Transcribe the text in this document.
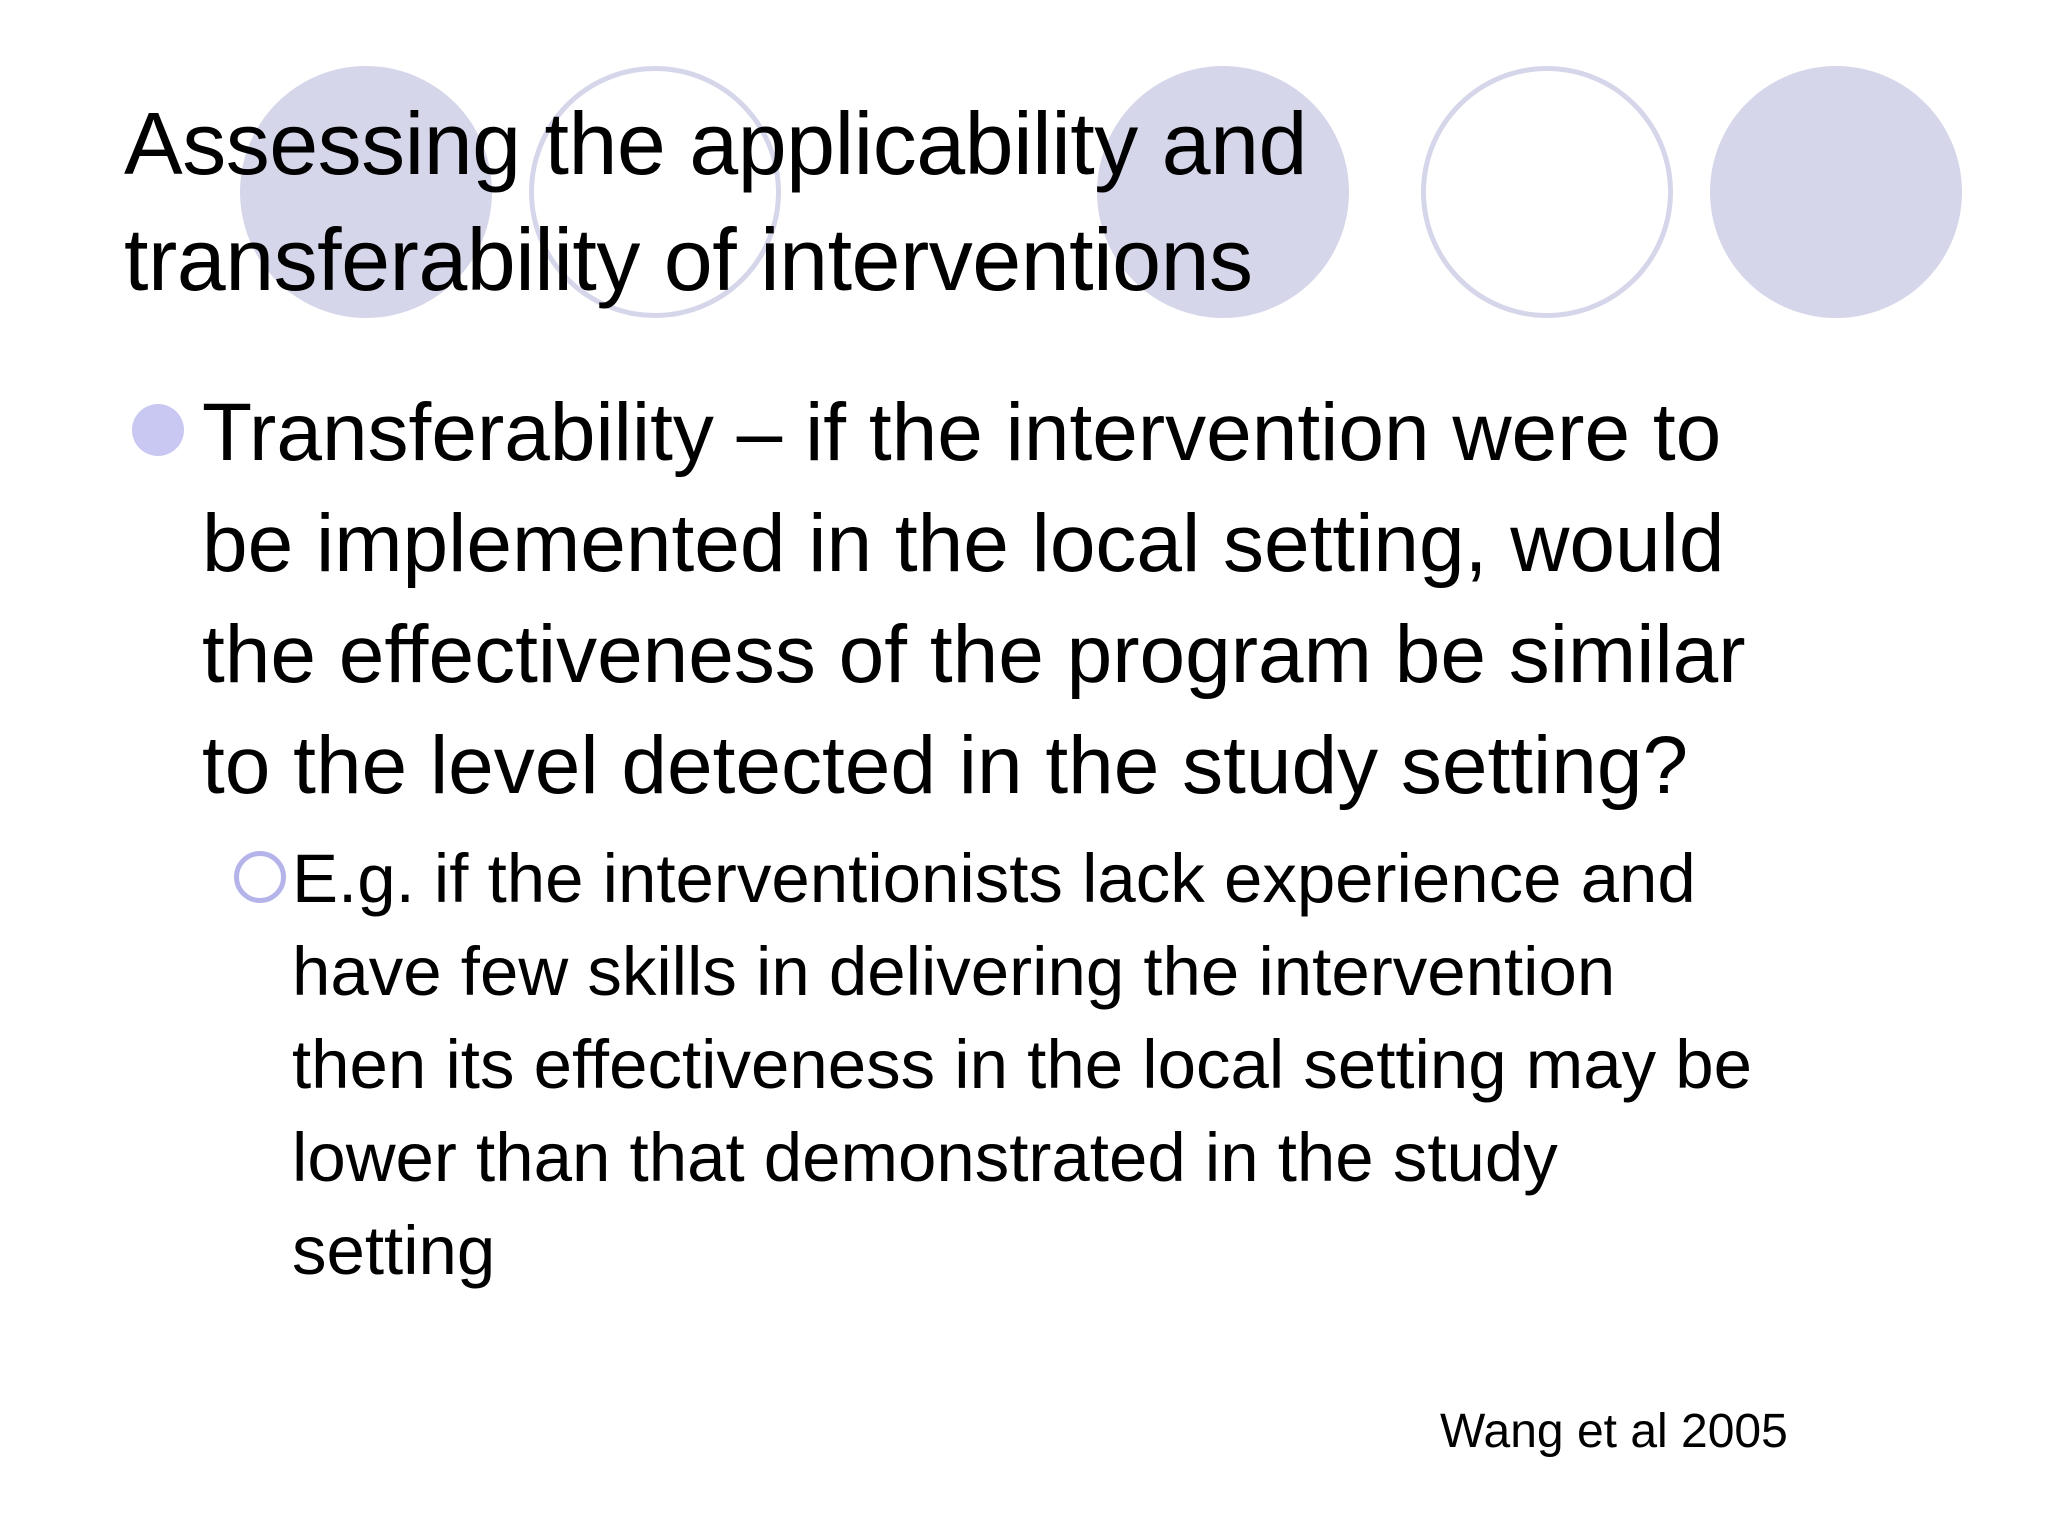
Assessing the applicability and
transferability of interventions

Transferability – if the intervention were to
be implemented in the local setting, would
the effectiveness of the program be similar
to the level detected in the study setting?

E.g. if the interventionists lack experience and
have few skills in delivering the intervention
then its effectiveness in the local setting may be
lower than that demonstrated in the study
setting

Wang et al 2005
